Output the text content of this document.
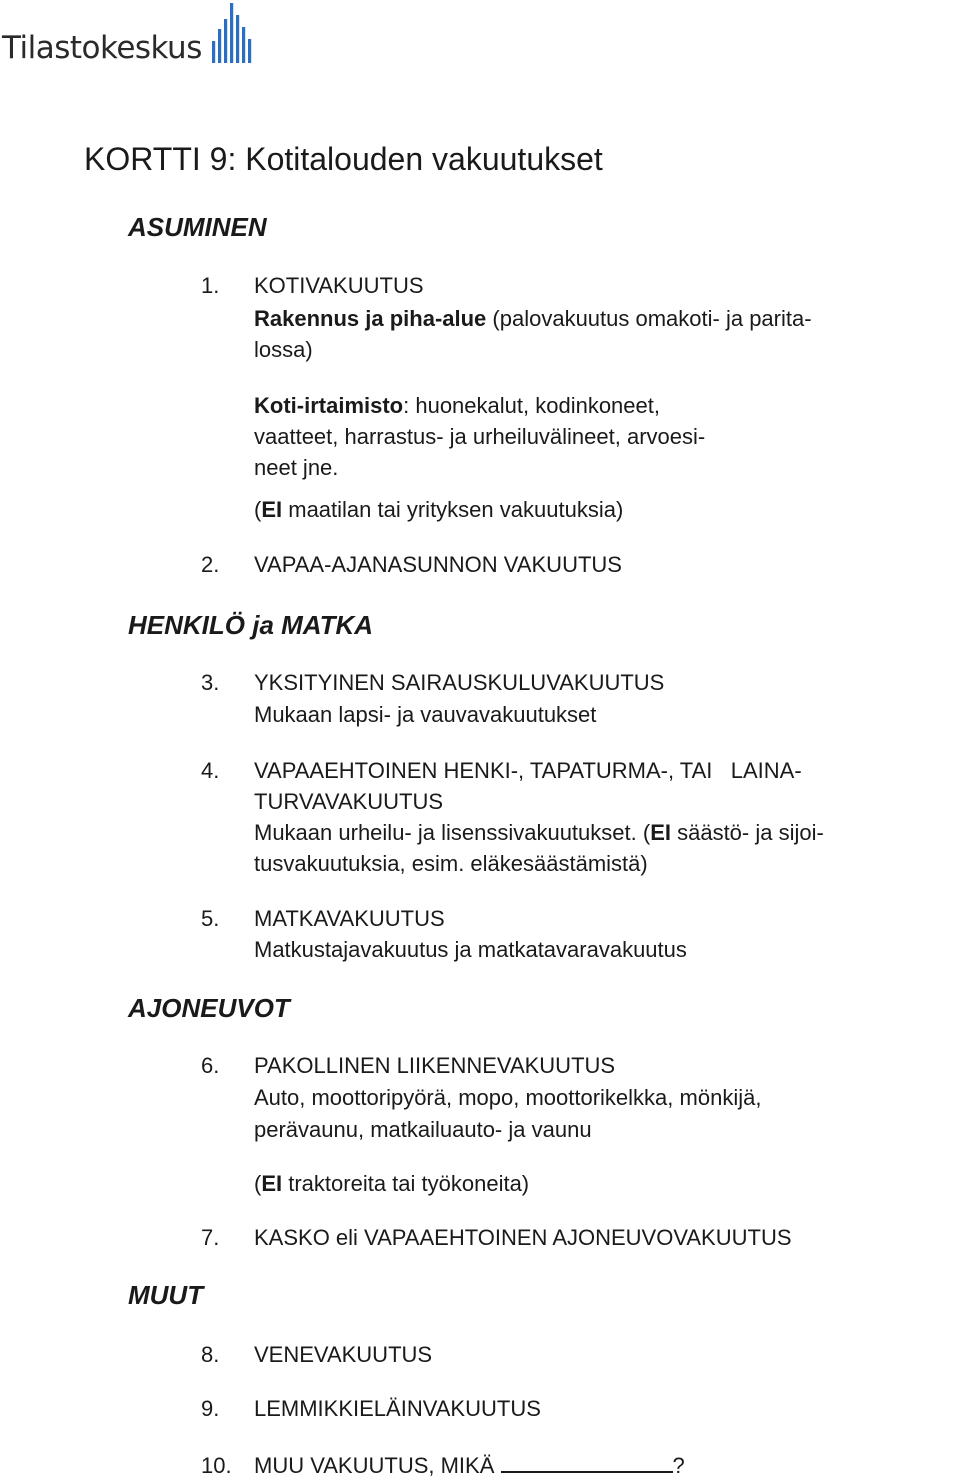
Tilastokeskus
KORTTI 9: Kotitalouden vakuutukset
ASUMINEN
1. KOTIVAKUUTUS
Rakennus ja piha-alue (palovakuutus omakoti- ja parita-
lossa)
Koti-irtaimisto: huonekalut, kodinkoneet,
vaatteet, harrastus- ja urheiluvälineet, arvoesi-
neet jne.
(EI maatilan tai yrityksen vakuutuksia)
2. VAPAA-AJANASUNNON VAKUUTUS
HENKILÖ ja MATKA
3. YKSITYINEN SAIRAUSKULUVAKUUTUS
Mukaan lapsi- ja vauvavakuutukset
4. VAPAAEHTOINEN HENKI-, TAPATURMA-, TAI   LAINA-
TURVAVAKUUTUS
Mukaan urheilu- ja lisenssivakuutukset. (EI säästö- ja sijoi-
tusvakuutuksia, esim. eläkesäästämistä)
5. MATKAVAKUUTUS
Matkustajavakuutus ja matkatavaravakuutus
AJONEUVOT
6. PAKOLLINEN LIIKENNEVAKUUTUS
Auto, moottoripyörä, mopo, moottorikelkka, mönkijä,
perävaunu, matkailuauto- ja vaunu
(EI traktoreita tai työkoneita)
7. KASKO eli VAPAAEHTOINEN AJONEUVOVAKUUTUS
MUUT
8. VENEVAKUUTUS
9. LEMMIKKIELÄINVAKUUTUS
10. MUU VAKUUTUS, MIKÄ	?
